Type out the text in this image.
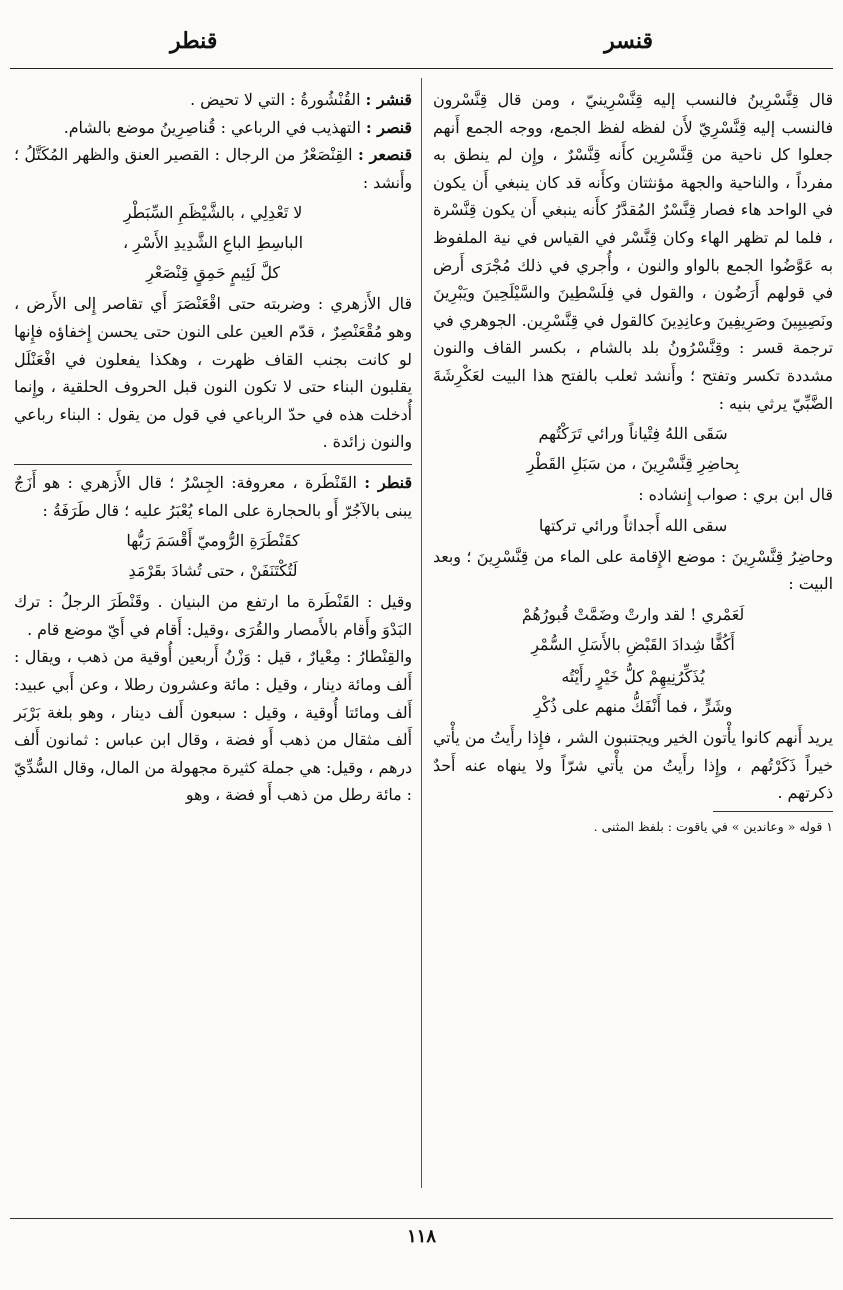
قنسر
قنطر

قال قِنَّسْرِينُ فالنسب إليه قِنَّسْرِينيّ ، ومن قال قِنَّسْرون فالنسب إليه قِنَّسْرِيّ لأَن لفظه لفظ الجمع، ووجه الجمع أَنهم جعلوا كل ناحية من قِنَّسْرِين كأَنه قِنَّسْرٌ ، وإِن لم ينطق به مفرداً ، والناحية والجهة مؤنثتان وكأَنه قد كان ينبغي أَن يكون في الواحد هاء فصار قِنَّسْرٌ المُقدَّرُ كأَنه ينبغي أَن يكون قِنَّسْرة ، فلما لم تظهر الهاء وكان قِنَّسْر في القياس في نية الملفوظ به عَوَّضُوا الجمع بالواو والنون ، وأُجري في ذلك مُجْرَى أَرض في قولهم أَرَضُون ، والقول في فِلَسْطِينَ والسَّيْلَحِينَ ويَبْرِينَ ونَصِيبِينَ وصَرِيفِينَ وعانِدِينَ كالقول في قِنَّسْرِين. الجوهري في ترجمة قسر : وقِنَّسْرُونُ بلد بالشام ، بكسر القاف والنون مشددة تكسر وتفتح ؛ وأَنشد ثعلب بالفتح هذا البيت لعَكْرِشَةَ الضَّبِّيّ يرثي بنيه :

سَقَى اللهُ فِتْياناً ورائي تَرَكْتُهم
بِحاضِرِ قِنَّسْرِينَ ، من سَبَلِ القَطْرِ

قال ابن بري : صواب إِنشاده :

سقى الله أَجداثاً ورائي تركتها

وحاضِرُ قِنَّسْرِينَ : موضع الإِقامة على الماء من قِنَّسْرِينَ ؛ وبعد البيت :

لَعَمْري ! لقد وارتْ وضَمَّتْ قُبورُهُمْ
أَكُفًّا شِدادَ القَبْضِ بالأَسَلِ السُّمْرِ
يُذَكِّرُنِيهِمْ كلُّ خَيْرٍ رأَيْتُه
وشَرٍّ ، فما أَنْفَكُّ منهم على ذُكْرِ

يريد أَنهم كانوا يأْتون الخير ويجتنبون الشر ، فإِذا رأَيتُ من يأْتي خيراً ذَكَرْتُهم ، وإِذا رأَيتُ من يأْتي شرّاً ولا ينهاه عنه أَحدٌ ذكرتهم .

١ قوله « وعاندين » في ياقوت : بلفظ المثنى .

قنشر : القُنْشُورةُ : التي لا تحيض .

قنصر : التهذيب في الرباعي : قُناصِرِينُ موضع بالشام.

قنصعر : القِنْصَعْرُ من الرجال : القصير العنق والظهر المُكَتَّلُ ؛ وأَنشد :

لا تَعْدِلِي ، بالشَّيْظَمِ السِّبَطْرِ
الباسِطِ الباعِ الشَّدِيدِ الأَسْرِ ،
كلَّ لَئِيمٍ حَمِقٍ قِنْصَعْرِ

قال الأَزهري : وضربته حتى اقْعَنْصَرَ أَي تقاصر إِلى الأَرض ، وهو مُقْعَنْصِرٌ ، قدّم العين على النون حتى يحسن إِخفاؤه فإِنها لو كانت بجنب القاف ظهرت ، وهكذا يفعلون في افْعَنْلَل يقلبون البناء حتى لا تكون النون قبل الحروف الحلقية ، وإِنما أُدخلت هذه في حدّ الرباعي في قول من يقول : البناء رباعي والنون زائدة .

قنطر : القَنْطَرة ، معروفة: الجِسْرُ ؛ قال الأَزهري : هو أَزَجٌ يبنى بالآجُرّ أَو بالحجارة على الماء يُعْبَرُ عليه ؛ قال طَرَفَةُ :

كقَنْطَرَةِ الرُّوميّ أَقْسَمَ رَبُّها
لَتُكْتَنَفَنْ ، حتى تُشادَ بقَرْمَدِ

وقيل : القَنْطَرة ما ارتفع من البنيان . وقَنْطَرَ الرجلُ : ترك البَدْوَ وأَقام بالأَمصار والقُرَى ،وقيل: أَقام في أَيّ موضع قام .

والقِنْطارُ : مِعْيارٌ ، قيل : وَزْنُ أَربعين أُوقية من ذهب ، ويقال : أَلف ومائة دينار ، وقيل : مائة وعشرون رطلا ، وعن أَبي عبيد: أَلف ومائتا أُوقية ، وقيل : سبعون أَلف دينار ، وهو بلغة بَرْبَر أَلف مثقال من ذهب أَو فضة ، وقال ابن عباس : ثمانون أَلف درهم ، وقيل: هي جملة كثيرة مجهولة من المال، وقال السُّدِّيّ : مائة رطل من ذهب أَو فضة ، وهو

١١٨
